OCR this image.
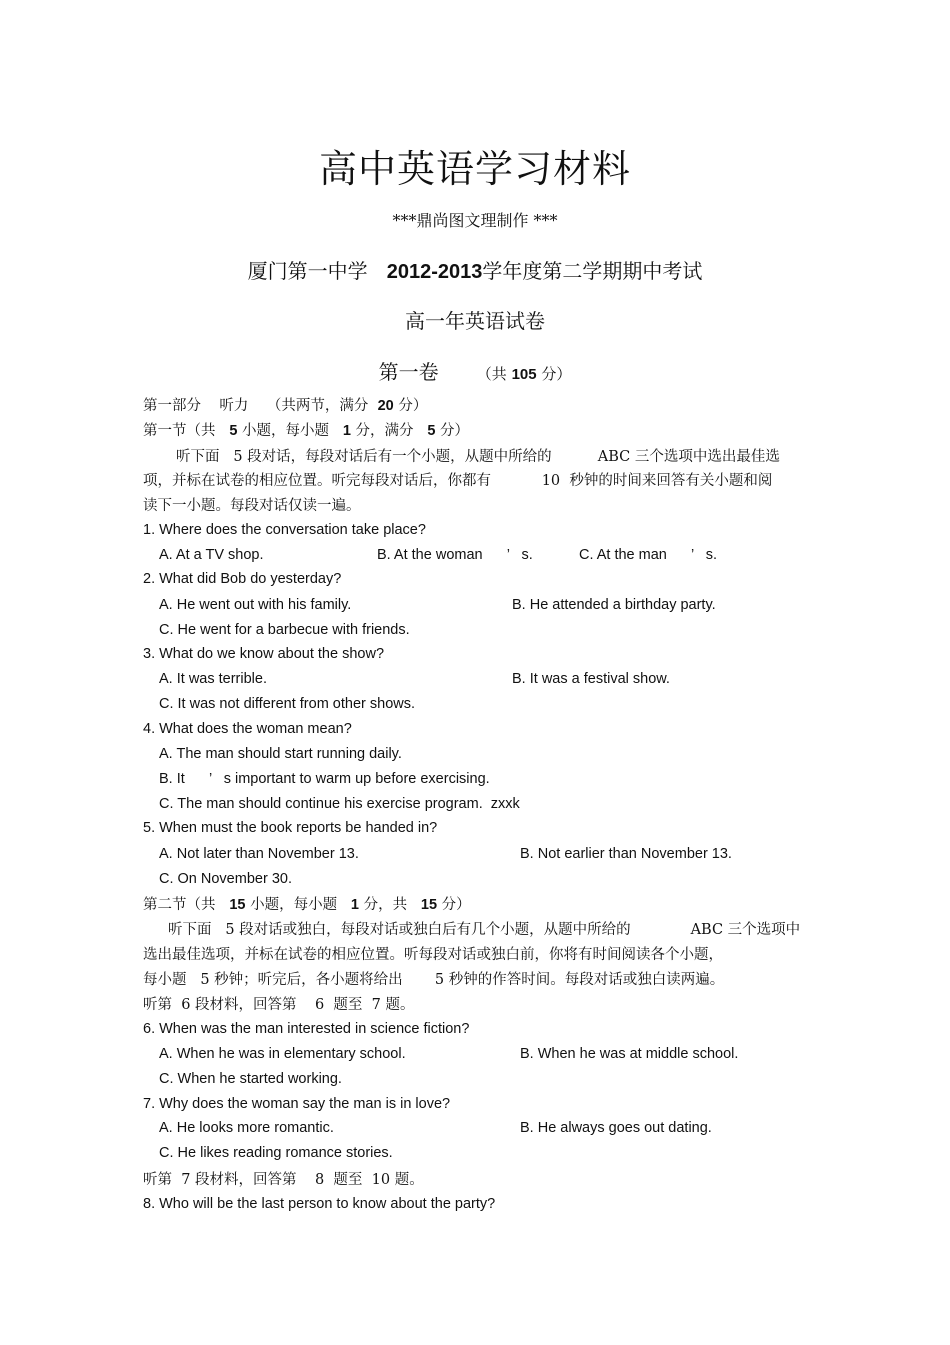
高中英语学习材料
***鼎尚图文理制作 ***
厦门第一中学 2012-2013学年度第二学期期中考试
高一年英语试卷
第一卷	（共 105 分）
第一部分    听力    （共两节，满分 20 分）
第一节（共 5 小题，每小题 1 分，满分 5 分）
听下面   5 段对话，每段对话后有一个小题，从题中所给的          ABC 三个选项中选出最佳选
项，并标在试卷的相应位置。听完每段对话后，你都有           10  秒钟的时间来回答有关小题和阅
读下一小题。每段对话仅读一遍。
1. Where does the conversation take place?
A. At a TV shop.	B. At the woman      ’   s.	C. At the man      ’   s.
2. What did Bob do yesterday?
A. He went out with his family.	B. He attended a birthday party.
C. He went for a barbecue with friends.
3. What do we know about the show?
A. It was terrible.	B. It was a festival show.
C. It was not different from other shows.
4. What does the woman mean?
A. The man should start running daily.
B. It      ’   s important to warm up before exercising.
C. The man should continue his exercise program.  zxxk
5. When must the book reports be handed in?
A. Not later than November 13.	B. Not earlier than November 13.
C. On November 30.
第二节（共 15 小题，每小题 1 分，共 15 分）
听下面   5 段对话或独白，每段对话或独白后有几个小题，从题中所给的             ABC 三个选项中
选出最佳选项，并标在试卷的相应位置。听每段对话或独白前，你将有时间阅读各个小题，
每小题   5 秒钟；听完后，各小题将给出       5 秒钟的作答时间。每段对话或独白读两遍。
听第  6 段材料，回答第    6  题至  7 题。
6. When was the man interested in science fiction?
A. When he was in elementary school.	B. When he was at middle school.
C. When he started working.
7. Why does the woman say the man is in love?
A. He looks more romantic.	B. He always goes out dating.
C. He likes reading romance stories.
听第  7 段材料，回答第    8  题至  10 题。
8. Who will be the last person to know about the party?
